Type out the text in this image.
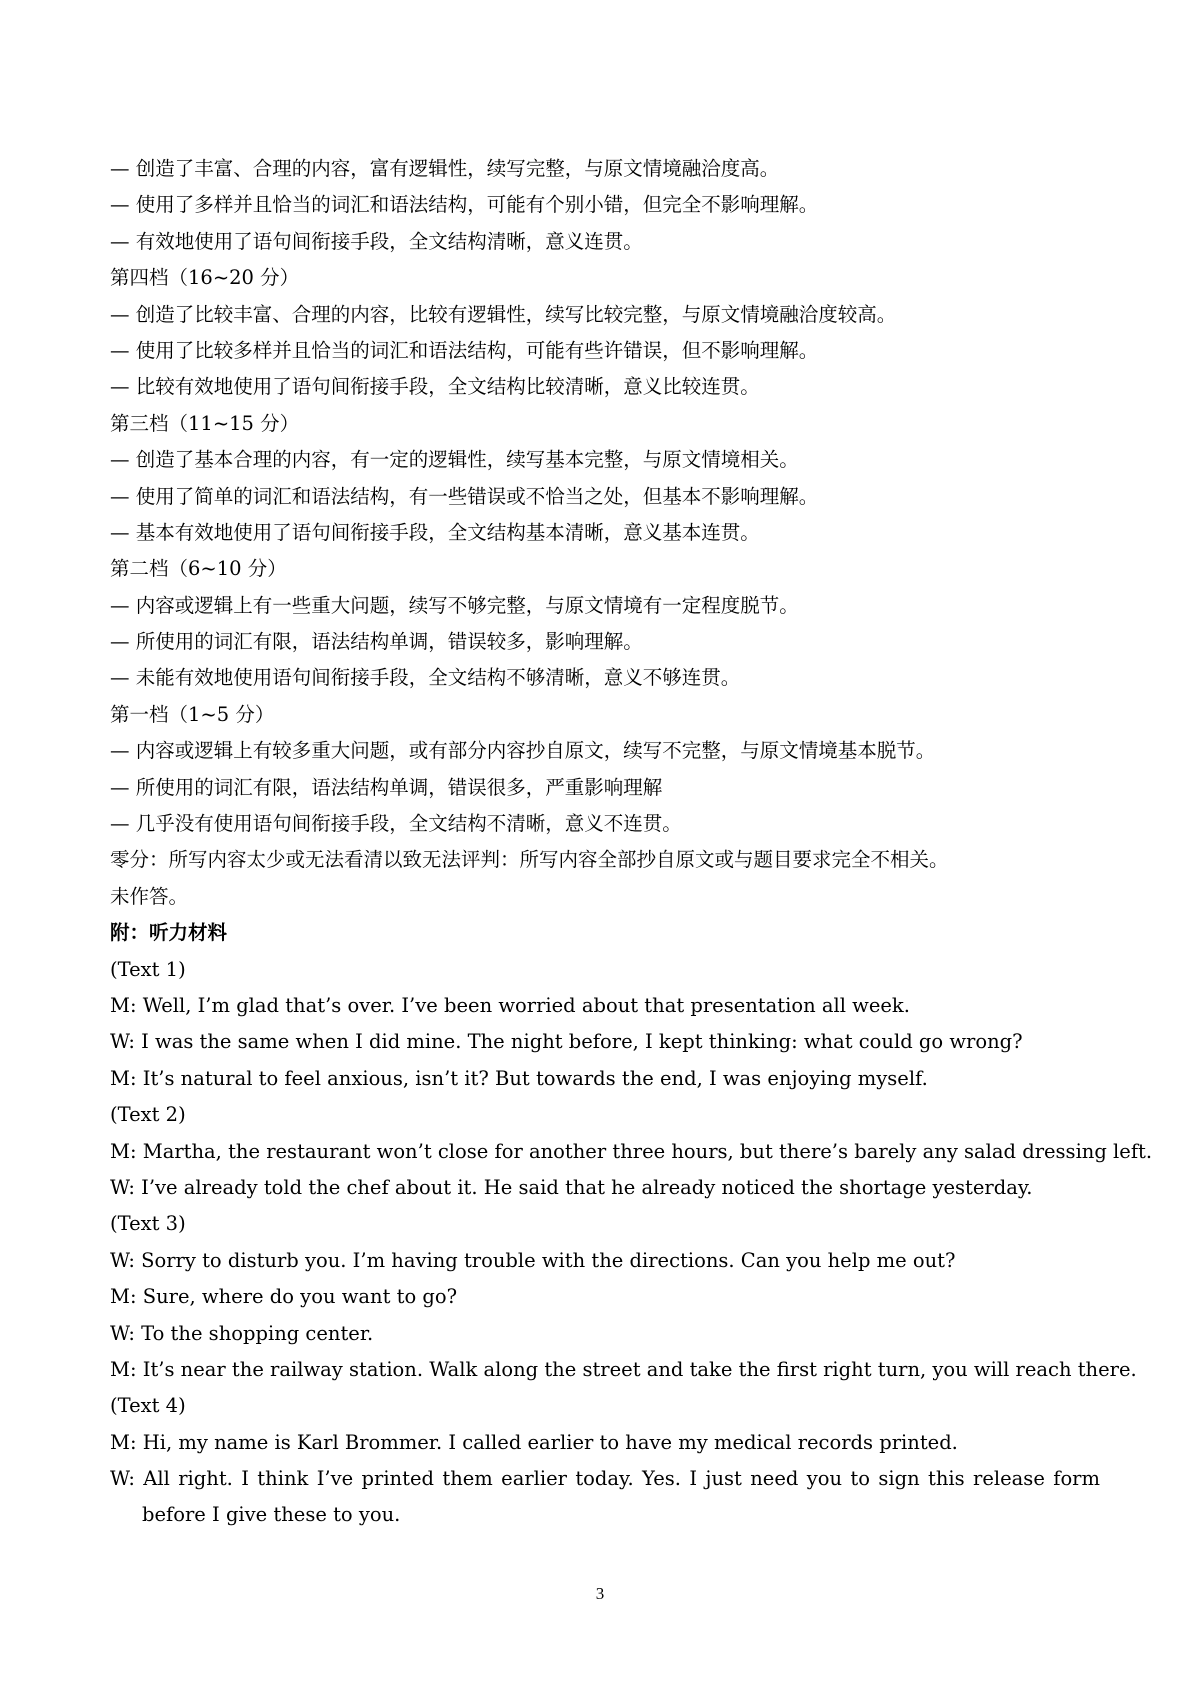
— 创造了丰富、合理的内容，富有逻辑性，续写完整，与原文情境融洽度高。
— 使用了多样并且恰当的词汇和语法结构，可能有个别小错，但完全不影响理解。
— 有效地使用了语句间衔接手段，全文结构清晰，意义连贯。
第四档（16~20 分）
— 创造了比较丰富、合理的内容，比较有逻辑性，续写比较完整，与原文情境融洽度较高。
— 使用了比较多样并且恰当的词汇和语法结构，可能有些许错误，但不影响理解。
— 比较有效地使用了语句间衔接手段，全文结构比较清晰，意义比较连贯。
第三档（11~15 分）
— 创造了基本合理的内容，有一定的逻辑性，续写基本完整，与原文情境相关。
— 使用了简单的词汇和语法结构，有一些错误或不恰当之处，但基本不影响理解。
— 基本有效地使用了语句间衔接手段，全文结构基本清晰，意义基本连贯。
第二档（6~10 分）
— 内容或逻辑上有一些重大问题，续写不够完整，与原文情境有一定程度脱节。
— 所使用的词汇有限，语法结构单调，错误较多，影响理解。
— 未能有效地使用语句间衔接手段，全文结构不够清晰，意义不够连贯。
第一档（1~5 分）
— 内容或逻辑上有较多重大问题，或有部分内容抄自原文，续写不完整，与原文情境基本脱节。
— 所使用的词汇有限，语法结构单调，错误很多，严重影响理解
— 几乎没有使用语句间衔接手段，全文结构不清晰，意义不连贯。
零分：所写内容太少或无法看清以致无法评判：所写内容全部抄自原文或与题目要求完全不相关。
未作答。
附：听力材料
(Text 1)
M: Well, I’m glad that’s over. I’ve been worried about that presentation all week.
W: I was the same when I did mine. The night before, I kept thinking: what could go wrong?
M: It’s natural to feel anxious, isn’t it? But towards the end, I was enjoying myself.
(Text 2)
M: Martha, the restaurant won’t close for another three hours, but there’s barely any salad dressing left.
W: I’ve already told the chef about it. He said that he already noticed the shortage yesterday.
(Text 3)
W: Sorry to disturb you. I’m having trouble with the directions. Can you help me out?
M: Sure, where do you want to go?
W: To the shopping center.
M: It’s near the railway station. Walk along the street and take the first right turn, you will reach there.
(Text 4)
M: Hi, my name is Karl Brommer. I called earlier to have my medical records printed.
W: All right. I think I’ve printed them earlier today. Yes. I just need you to sign this release form before I give these to you.
3
